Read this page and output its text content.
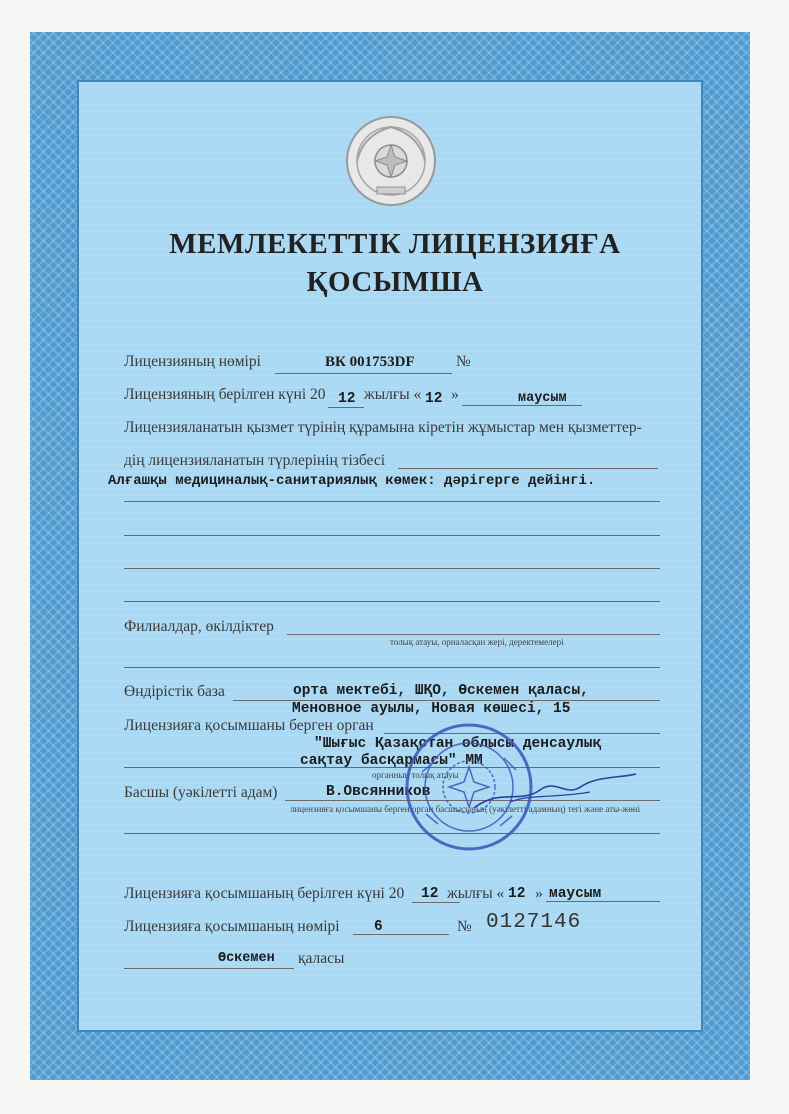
МЕМЛЕКЕТТІК ЛИЦЕНЗИЯҒА
ҚОСЫМША
Лицензияның нөмірі	ВК 001753DF	№
Лицензияның берілген күні 20 12 жылғы « 12 »	маусым
Лицензияланатын қызмет түрінің құрамына кіретін жұмыстар мен қызметтер-
дің лицензияланатын түрлерінің тізбесі
Алғашқы медициналық-санитариялық көмек: дәрігерге дейінгі.
Филиалдар, өкілдіктер
толық атауы, орналасқан жері, деректемелері
Өндірістік база	орта мектебі, ШҚО, Өскемен қаласы,
Меновное ауылы, Новая көшесі, 15
Лицензияға қосымшаны берген орган
"Шығыс Қазақстан облысы денсаулық
сақтау басқармасы" ММ
органның толық атауы
Басшы (уәкілетті адам)	В.Овсянников
лицензияға қосымшаны берген орган басшысының (уәкілетті адамның) тегі және аты-жөні
Лицензияға қосымшаның берілген күні 20 12 жылғы « 12 » маусым
Лицензияға қосымшаның нөмірі 6	№ 0127146
Өскемен қаласы
